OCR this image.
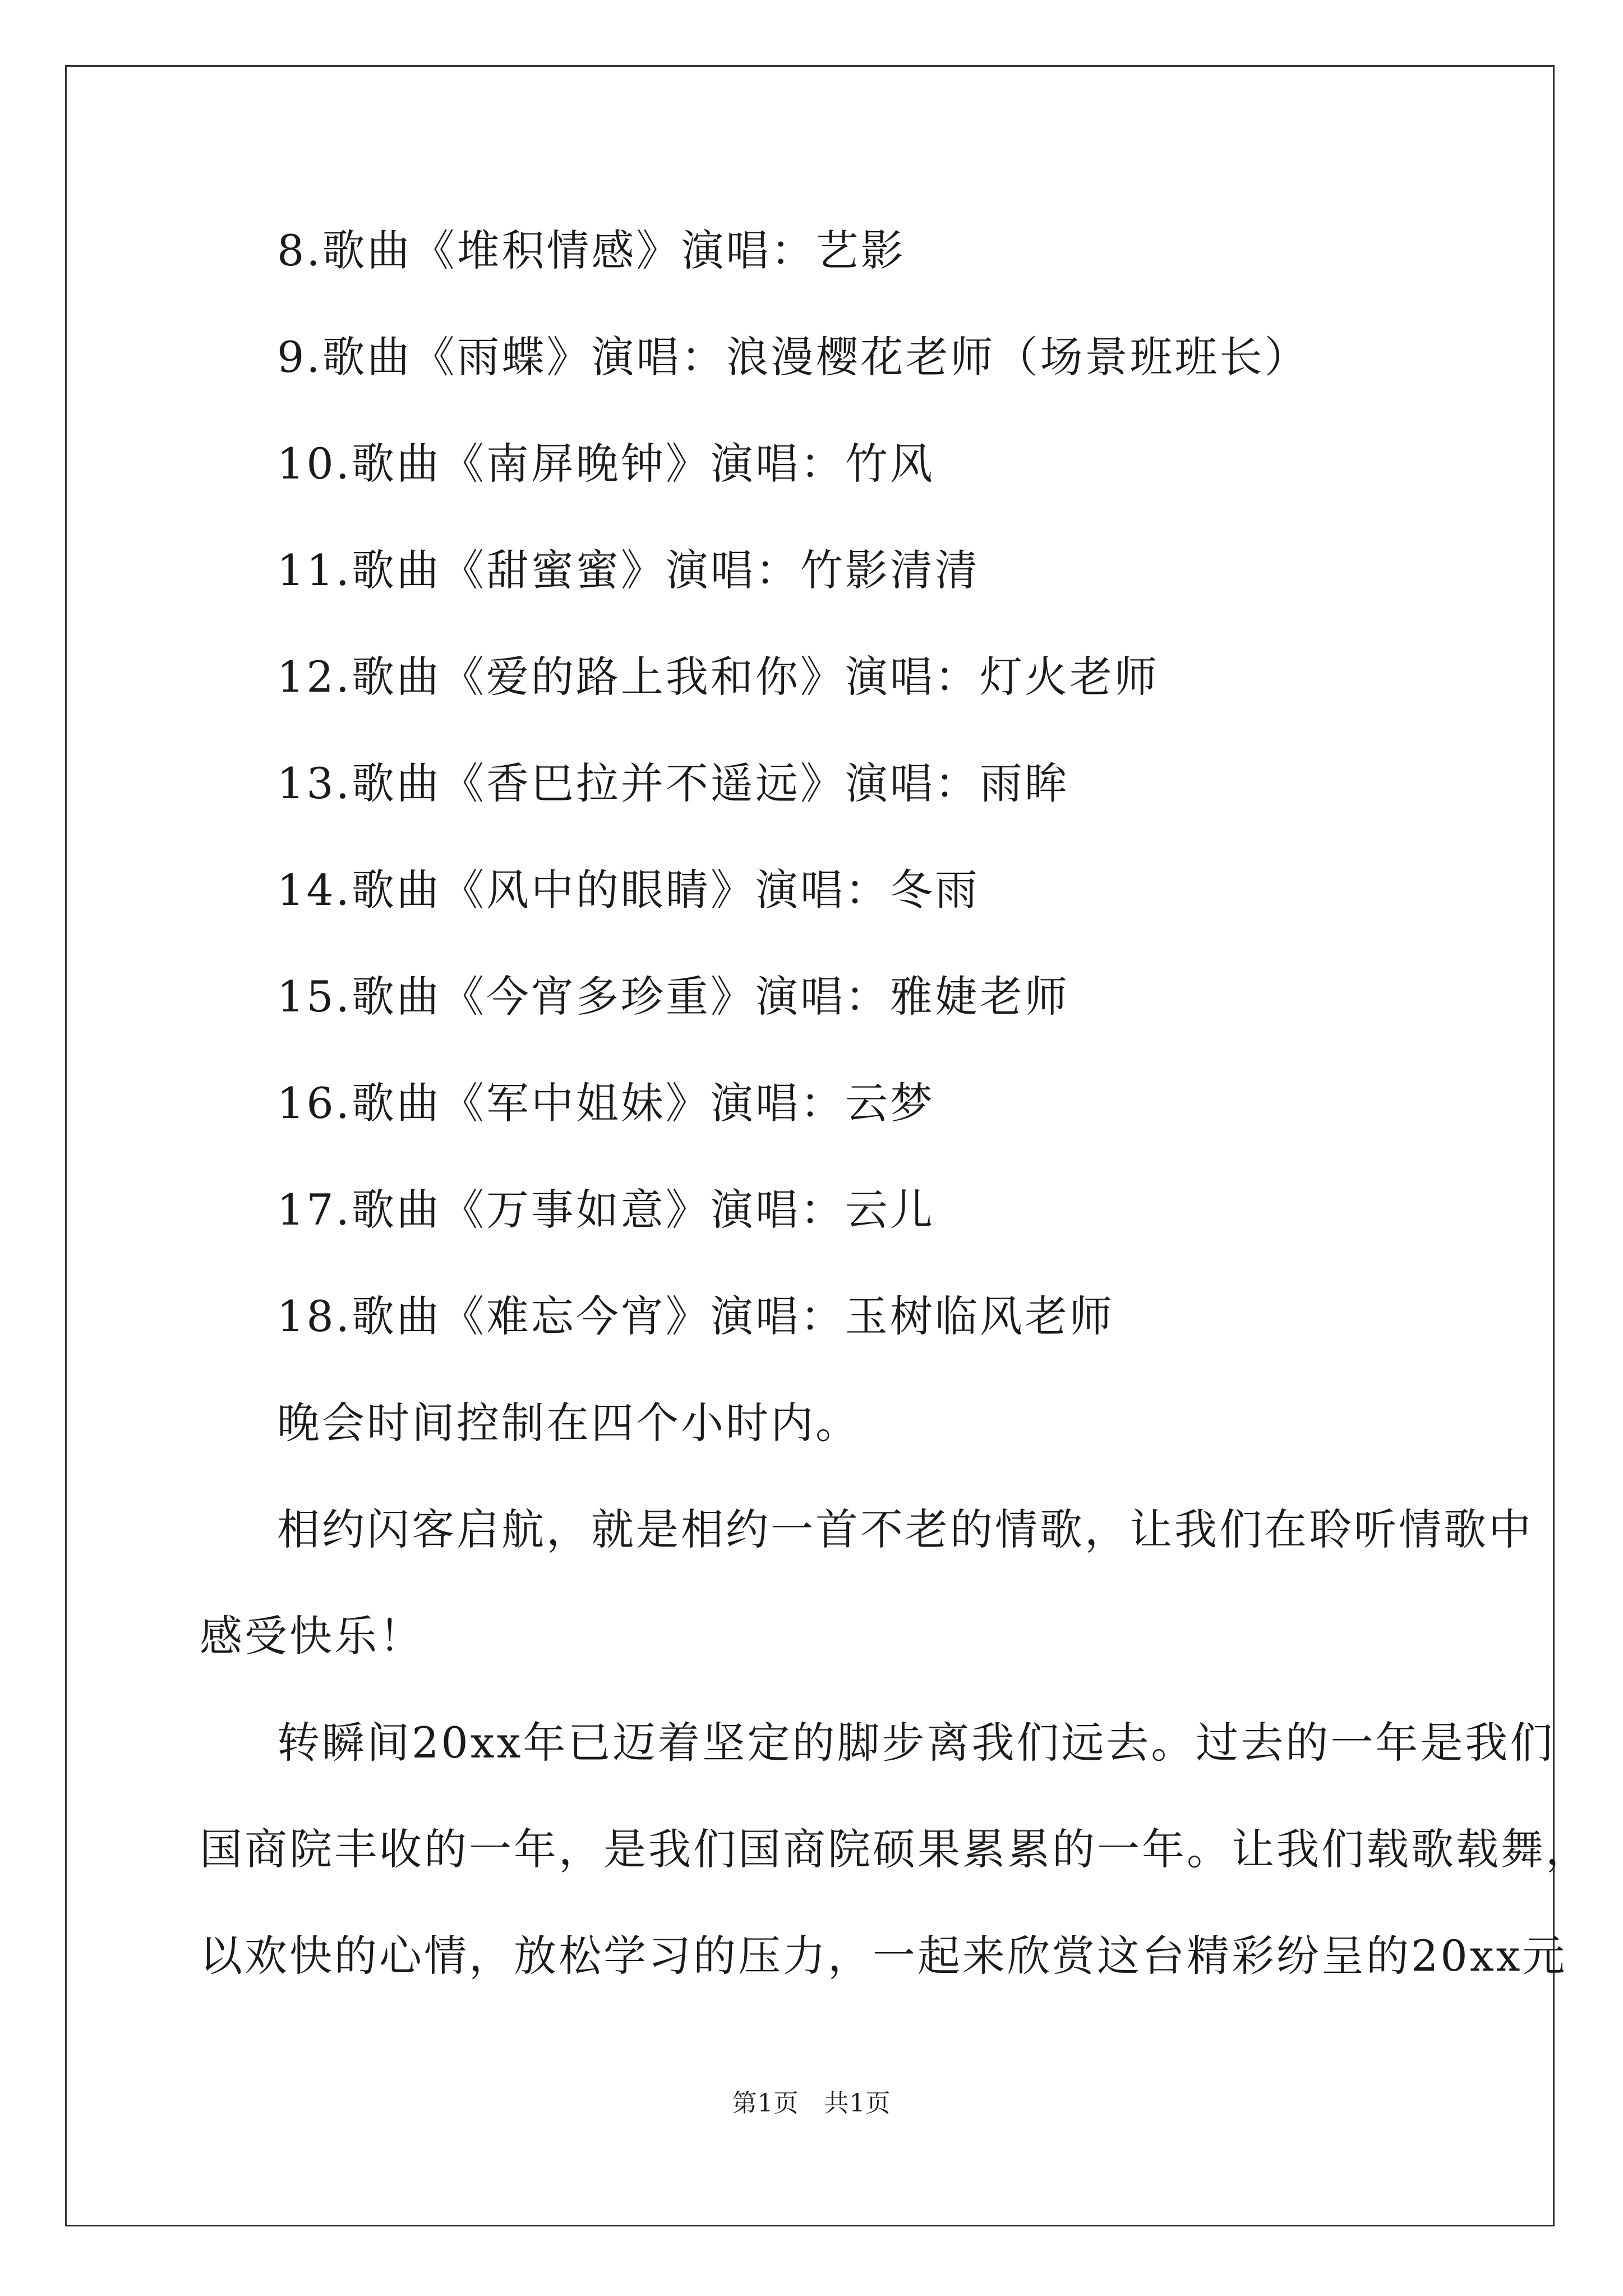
8.歌曲《堆积情感》演唱：艺影
9.歌曲《雨蝶》演唱：浪漫樱花老师（场景班班长）
10.歌曲《南屏晚钟》演唱：竹风
11.歌曲《甜蜜蜜》演唱：竹影清清
12.歌曲《爱的路上我和你》演唱：灯火老师
13.歌曲《香巴拉并不遥远》演唱：雨眸
14.歌曲《风中的眼睛》演唱：冬雨
15.歌曲《今宵多珍重》演唱：雅婕老师
16.歌曲《军中姐妹》演唱：云梦
17.歌曲《万事如意》演唱：云儿
18.歌曲《难忘今宵》演唱：玉树临风老师
晚会时间控制在四个小时内。
相约闪客启航，就是相约一首不老的情歌，让我们在聆听情歌中
感受快乐！
转瞬间20xx年已迈着坚定的脚步离我们远去。过去的一年是我们
国商院丰收的一年，是我们国商院硕果累累的一年。让我们载歌载舞，
以欢快的心情，放松学习的压力，一起来欣赏这台精彩纷呈的20xx元
第1页　共1页
